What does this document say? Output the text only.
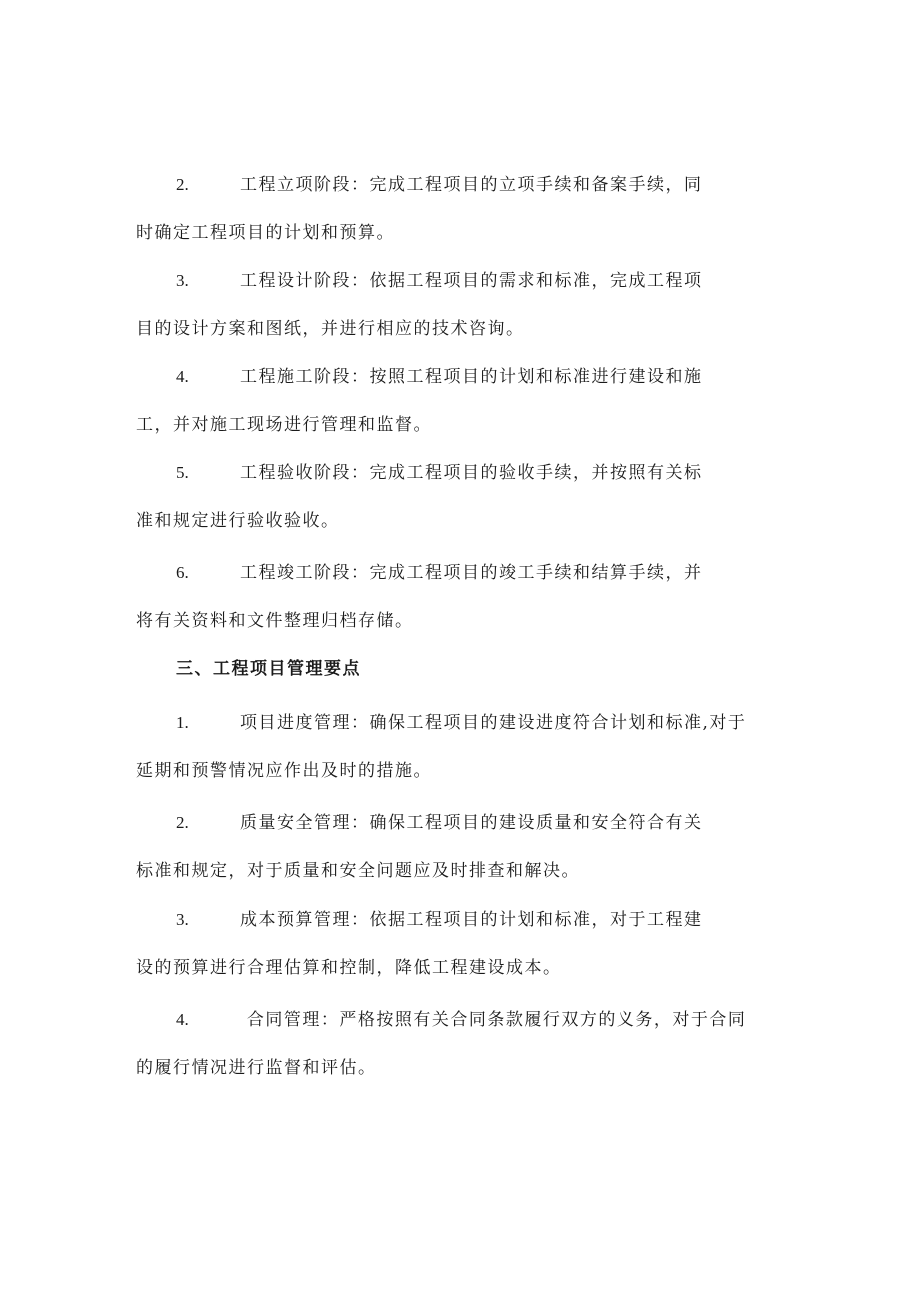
2.	工程立项阶段：完成工程项目的立项手续和备案手续，同
时确定工程项目的计划和预算。
3.	工程设计阶段：依据工程项目的需求和标准，完成工程项
目的设计方案和图纸，并进行相应的技术咨询。
4.	工程施工阶段：按照工程项目的计划和标准进行建设和施
工，并对施工现场进行管理和监督。
5.	工程验收阶段：完成工程项目的验收手续，并按照有关标
准和规定进行验收验收。
6.	工程竣工阶段：完成工程项目的竣工手续和结算手续，并
将有关资料和文件整理归档存储。
三、工程项目管理要点
1.	项目进度管理：确保工程项目的建设进度符合计划和标准,对于
延期和预警情况应作出及时的措施。
2.	质量安全管理：确保工程项目的建设质量和安全符合有关
标准和规定，对于质量和安全问题应及时排查和解决。
3.	成本预算管理：依据工程项目的计划和标准，对于工程建
设的预算进行合理估算和控制，降低工程建设成本。
4.	合同管理：严格按照有关合同条款履行双方的义务，对于合同
的履行情况进行监督和评估。
